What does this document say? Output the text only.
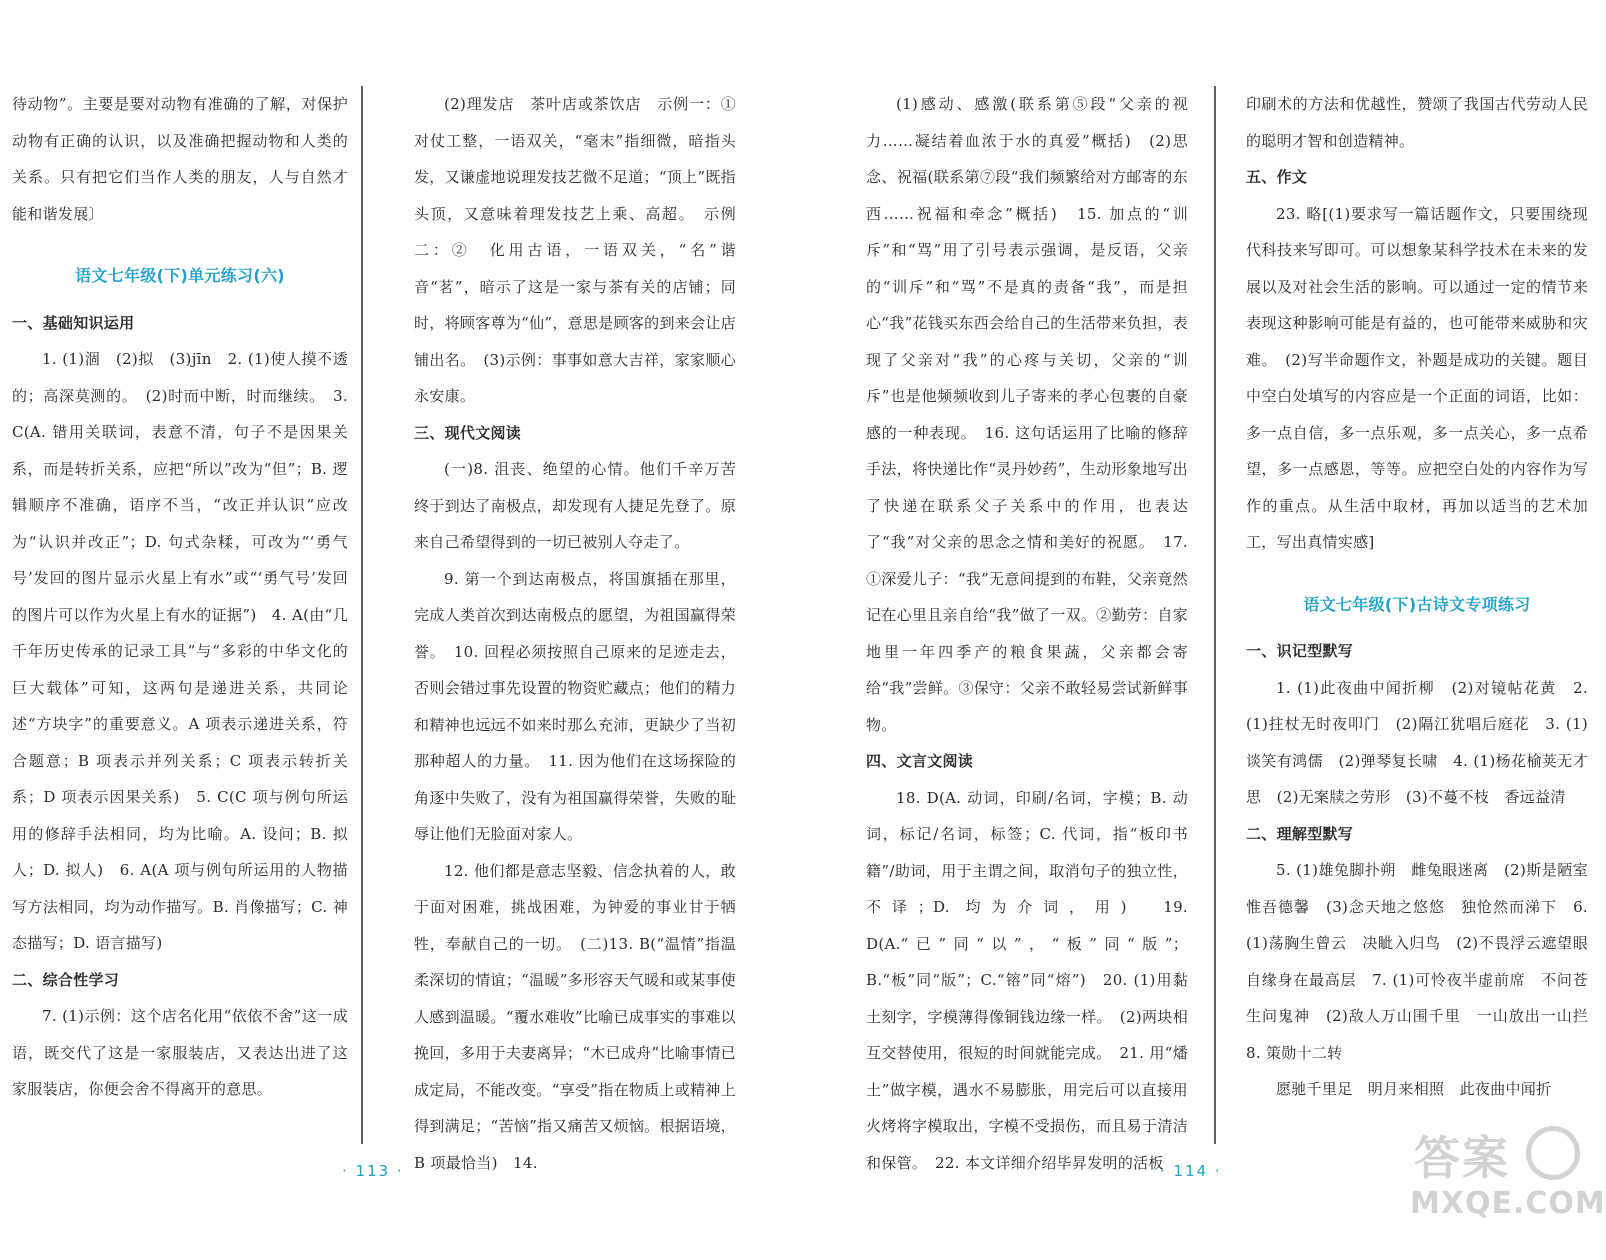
待动物”。主要是要对动物有准确的了解，对保护动物有正确的认识，以及准确把握动物和人类的关系。只有把它们当作人类的朋友，人与自然才能和谐发展〕

语文七年级(下)单元练习(六)

一、基础知识运用

1. (1)涸　(2)拟　(3)jīn　2. (1)使人摸不透的；高深莫测的。　(2)时而中断，时而继续。　3. C(A. 错用关联词，表意不清，句子不是因果关系，而是转折关系，应把“所以”改为“但”；B. 逻辑顺序不准确，语序不当，“改正并认识”应改为“认识并改正”；D. 句式杂糅，可改为“‘勇气号’发回的图片显示火星上有水”或“‘勇气号’发回的图片可以作为火星上有水的证据”)　4. A(由“几千年历史传承的记录工具”与“多彩的中华文化的巨大载体”可知，这两句是递进关系，共同论述“方块字”的重要意义。A 项表示递进关系，符合题意；B 项表示并列关系；C 项表示转折关系；D 项表示因果关系)　5. C(C 项与例句所运用的修辞手法相同，均为比喻。A. 设问；B. 拟人；D. 拟人)　6. A(A 项与例句所运用的人物描写方法相同，均为动作描写。B. 肖像描写；C. 神态描写；D. 语言描写)

二、综合性学习

7. (1)示例：这个店名化用“依依不舍”这一成语，既交代了这是一家服装店，又表达出进了这家服装店，你便会舍不得离开的意思。

(2)理发店　茶叶店或茶饮店　示例一：①对仗工整，一语双关，“毫末”指细微，暗指头发，又谦虚地说理发技艺微不足道；“顶上”既指头顶，又意味着理发技艺上乘、高超。　示例二：②　化用古语，一语双关，“名”谐音“茗”，暗示了这是一家与茶有关的店铺；同时，将顾客尊为“仙”，意思是顾客的到来会让店铺出名。　(3)示例：事事如意大吉祥，家家顺心永安康。

三、现代文阅读

(一)8. 沮丧、绝望的心情。他们千辛万苦终于到达了南极点，却发现有人捷足先登了。原来自己希望得到的一切已被别人夺走了。

9. 第一个到达南极点，将国旗插在那里，完成人类首次到达南极点的愿望，为祖国赢得荣誉。　10. 回程必须按照自己原来的足迹走去，否则会错过事先设置的物资贮藏点；他们的精力和精神也远远不如来时那么充沛，更缺少了当初那种超人的力量。　11. 因为他们在这场探险的角逐中失败了，没有为祖国赢得荣誉，失败的耻辱让他们无脸面对家人。

12. 他们都是意志坚毅、信念执着的人，敢于面对困难，挑战困难，为钟爱的事业甘于牺牲，奉献自己的一切。　(二)13. B(“温情”指温柔深切的情谊；“温暖”多形容天气暖和或某事使人感到温暖。“覆水难收”比喻已成事实的事难以挽回，多用于夫妻离异；“木已成舟”比喻事情已成定局，不能改变。“享受”指在物质上或精神上得到满足；“苦恼”指又痛苦又烦恼。根据语境，B 项最恰当)　14.

· 113 ·

(1)感动、感激(联系第⑤段“父亲的视力……凝结着血浓于水的真爱”概括)　(2)思念、祝福(联系第⑦段“我们频繁给对方邮寄的东西……祝福和牵念”概括)　15. 加点的“训斥”和“骂”用了引号表示强调，是反语，父亲的“训斥”和“骂”不是真的责备“我”，而是担心“我”花钱买东西会给自己的生活带来负担，表现了父亲对“我”的心疼与关切，父亲的“训斥”也是他频频收到儿子寄来的孝心包裹的自豪感的一种表现。　16. 这句话运用了比喻的修辞手法，将快递比作“灵丹妙药”，生动形象地写出了快递在联系父子关系中的作用，也表达了“我”对父亲的思念之情和美好的祝愿。　17. ①深爱儿子：“我”无意间提到的布鞋，父亲竟然记在心里且亲自给“我”做了一双。②勤劳：自家地里一年四季产的粮食果蔬，父亲都会寄给“我”尝鲜。③保守：父亲不敢轻易尝试新鲜事物。

四、文言文阅读

18. D(A. 动词，印刷/名词，字模；B. 动词，标记/名词，标签；C. 代词，指“板印书籍”/助词，用于主谓之间，取消句子的独立性，不译；D. 均为介词，用)　19. D(A.“已”同“以”，“板”同“版”；B.“板”同“版”；C.“镕”同“熔”)　20. (1)用黏土刻字，字模薄得像铜钱边缘一样。　(2)两块相互交替使用，很短的时间就能完成。　21. 用“燔土”做字模，遇水不易膨胀，用完后可以直接用火烤将字模取出，字模不受损伤，而且易于清洁和保管。　22. 本文详细介绍毕昇发明的活板

印刷术的方法和优越性，赞颂了我国古代劳动人民的聪明才智和创造精神。

五、作文

23. 略[(1)要求写一篇话题作文，只要围绕现代科技来写即可。可以想象某科学技术在未来的发展以及对社会生活的影响。可以通过一定的情节来表现这种影响可能是有益的，也可能带来威胁和灾难。　(2)写半命题作文，补题是成功的关键。题目中空白处填写的内容应是一个正面的词语，比如：多一点自信，多一点乐观，多一点关心，多一点希望，多一点感恩，等等。应把空白处的内容作为写作的重点。从生活中取材，再加以适当的艺术加工，写出真情实感]

语文七年级(下)古诗文专项练习

一、识记型默写

1. (1)此夜曲中闻折柳　(2)对镜帖花黄　2. (1)拄杖无时夜叩门　(2)隔江犹唱后庭花　3. (1)谈笑有鸿儒　(2)弹琴复长啸　4. (1)杨花榆荚无才思　(2)无案牍之劳形　(3)不蔓不枝　香远益清

二、理解型默写

5. (1)雄兔脚扑朔　雌兔眼迷离　(2)斯是陋室　惟吾德馨　(3)念天地之悠悠　独怆然而涕下　6. (1)荡胸生曾云　决眦入归鸟　(2)不畏浮云遮望眼　自缘身在最高层　7. (1)可怜夜半虚前席　不问苍生问鬼神　(2)敌人万山围千里　一山放出一山拦　8. 策勋十二转

愿驰千里足　明月来相照　此夜曲中闻折

· 114 ·	答案
MXQE.COM
